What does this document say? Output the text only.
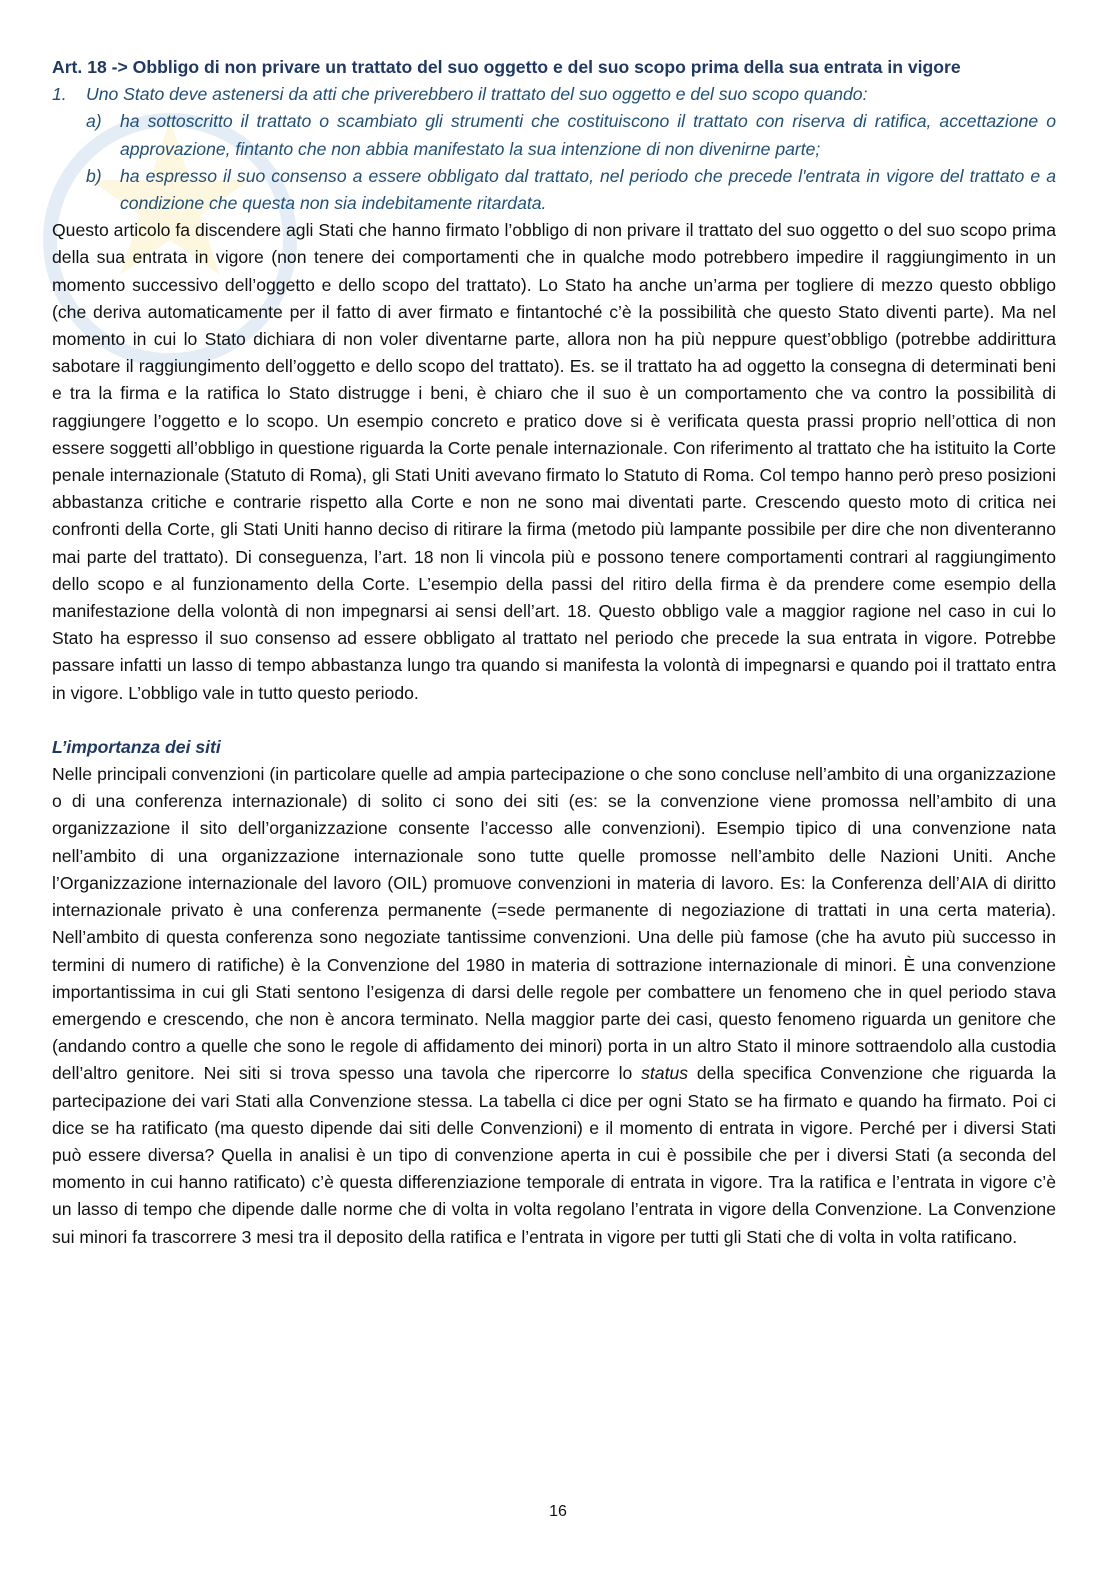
Art. 18 -> Obbligo di non privare un trattato del suo oggetto e del suo scopo prima della sua entrata in vigore

1.	Uno Stato deve astenersi da atti che priverebbero il trattato del suo oggetto e del suo scopo quando:
a)	ha sottoscritto il trattato o scambiato gli strumenti che costituiscono il trattato con riserva di ratifica, accettazione o approvazione, fintanto che non abbia manifestato la sua intenzione di non divenirne parte;
b)	ha espresso il suo consenso a essere obbligato dal trattato, nel periodo che precede l'entrata in vigore del trattato e a condizione che questa non sia indebitamente ritardata.

Questo articolo fa discendere agli Stati che hanno firmato l’obbligo di non privare il trattato del suo oggetto o del suo scopo prima della sua entrata in vigore (non tenere dei comportamenti che in qualche modo potrebbero impedire il raggiungimento in un momento successivo dell’oggetto e dello scopo del trattato). Lo Stato ha anche un’arma per togliere di mezzo questo obbligo (che deriva automaticamente per il fatto di aver firmato e fintantoché c’è la possibilità che questo Stato diventi parte). Ma nel momento in cui lo Stato dichiara di non voler diventarne parte, allora non ha più neppure quest’obbligo (potrebbe addirittura sabotare il raggiungimento dell’oggetto e dello scopo del trattato). Es. se il trattato ha ad oggetto la consegna di determinati beni e tra la firma e la ratifica lo Stato distrugge i beni, è chiaro che il suo è un comportamento che va contro la possibilità di raggiungere l’oggetto e lo scopo. Un esempio concreto e pratico dove si è verificata questa prassi proprio nell’ottica di non essere soggetti all’obbligo in questione riguarda la Corte penale internazionale. Con riferimento al trattato che ha istituito la Corte penale internazionale (Statuto di Roma), gli Stati Uniti avevano firmato lo Statuto di Roma. Col tempo hanno però preso posizioni abbastanza critiche e contrarie rispetto alla Corte e non ne sono mai diventati parte. Crescendo questo moto di critica nei confronti della Corte, gli Stati Uniti hanno deciso di ritirare la firma (metodo più lampante possibile per dire che non diventeranno mai parte del trattato). Di conseguenza, l’art. 18 non li vincola più e possono tenere comportamenti contrari al raggiungimento dello scopo e al funzionamento della Corte. L’esempio della passi del ritiro della firma è da prendere come esempio della manifestazione della volontà di non impegnarsi ai sensi dell’art. 18. Questo obbligo vale a maggior ragione nel caso in cui lo Stato ha espresso il suo consenso ad essere obbligato al trattato nel periodo che precede la sua entrata in vigore. Potrebbe passare infatti un lasso di tempo abbastanza lungo tra quando si manifesta la volontà di impegnarsi e quando poi il trattato entra in vigore. L’obbligo vale in tutto questo periodo.

L’importanza dei siti

Nelle principali convenzioni (in particolare quelle ad ampia partecipazione o che sono concluse nell’ambito di una organizzazione o di una conferenza internazionale) di solito ci sono dei siti (es: se la convenzione viene promossa nell’ambito di una organizzazione il sito dell’organizzazione consente l’accesso alle convenzioni). Esempio tipico di una convenzione nata nell’ambito di una organizzazione internazionale sono tutte quelle promosse nell’ambito delle Nazioni Uniti. Anche l’Organizzazione internazionale del lavoro (OIL) promuove convenzioni in materia di lavoro. Es: la Conferenza dell’AIA di diritto internazionale privato è una conferenza permanente (=sede permanente di negoziazione di trattati in una certa materia). Nell’ambito di questa conferenza sono negoziate tantissime convenzioni. Una delle più famose (che ha avuto più successo in termini di numero di ratifiche) è la Convenzione del 1980 in materia di sottrazione internazionale di minori. È una convenzione importantissima in cui gli Stati sentono l’esigenza di darsi delle regole per combattere un fenomeno che in quel periodo stava emergendo e crescendo, che non è ancora terminato. Nella maggior parte dei casi, questo fenomeno riguarda un genitore che (andando contro a quelle che sono le regole di affidamento dei minori) porta in un altro Stato il minore sottraendolo alla custodia dell’altro genitore. Nei siti si trova spesso una tavola che ripercorre lo status della specifica Convenzione che riguarda la partecipazione dei vari Stati alla Convenzione stessa. La tabella ci dice per ogni Stato se ha firmato e quando ha firmato. Poi ci dice se ha ratificato (ma questo dipende dai siti delle Convenzioni) e il momento di entrata in vigore. Perché per i diversi Stati può essere diversa? Quella in analisi è un tipo di convenzione aperta in cui è possibile che per i diversi Stati (a seconda del momento in cui hanno ratificato) c’è questa differenziazione temporale di entrata in vigore. Tra la ratifica e l’entrata in vigore c’è un lasso di tempo che dipende dalle norme che di volta in volta regolano l’entrata in vigore della Convenzione. La Convenzione sui minori fa trascorrere 3 mesi tra il deposito della ratifica e l’entrata in vigore per tutti gli Stati che di volta in volta ratificano.

16
